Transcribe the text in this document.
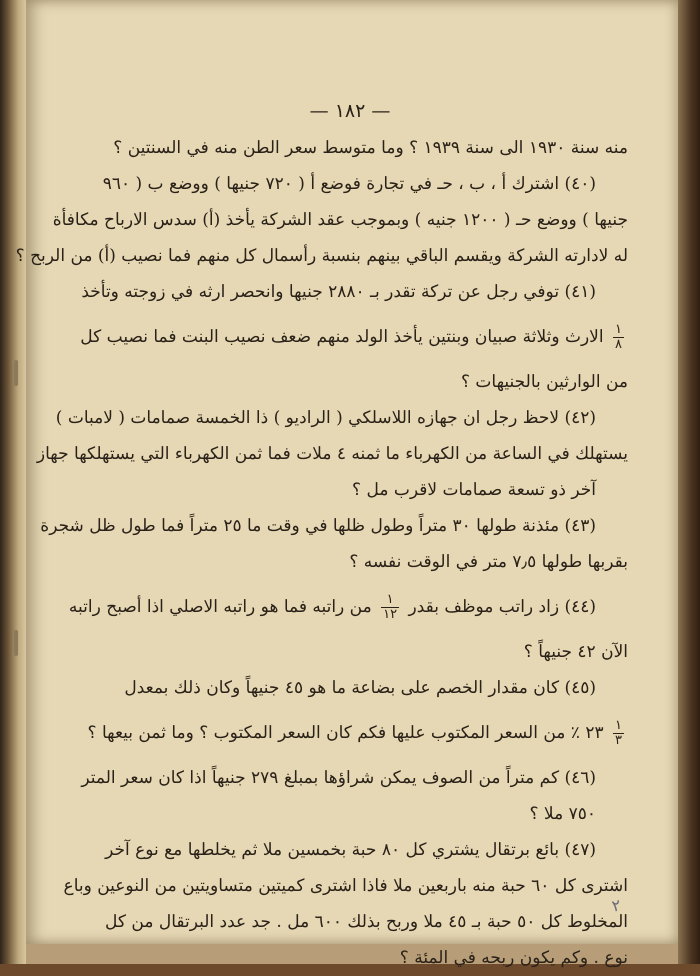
— ١٨٢ —
منه سنة ١٩٣٠ الى سنة ١٩٣٩ ؟ وما متوسط سعر الطن منه في السنتين ؟
(٤٠) اشترك أ ، ب ، حـ في تجارة فوضع أ ( ٧٢٠ جنيها ) ووضع ب ( ٩٦٠
جنيها ) ووضع حـ ( ١٢٠٠ جنيه ) وبموجب عقد الشركة يأخذ (أ) سدس الارباح مكافأة
له لادارته الشركة ويقسم الباقي بينهم بنسبة رأسمال كل منهم فما نصيب (أ) من الربح ؟
(٤١) توفي رجل عن تركة تقدر بـ ٢٨٨٠ جنيها وانحصر ارثه في زوجته وتأخذ
$\frac{١}{٨}$
الارث وثلاثة صبيان وبنتين يأخذ الولد منهم ضعف نصيب البنت فما نصيب كل
من الوارثين بالجنيهات ؟
(٤٢) لاحظ رجل ان جهازه اللاسلكي ( الراديو ) ذا الخمسة صمامات ( لامبات )
يستهلك في الساعة من الكهرباء ما ثمنه ٤ ملات فما ثمن الكهرباء التي يستهلكها جهاز
آخر ذو تسعة صمامات لاقرب مل ؟
(٤٣) مئذنة طولها ٣٠ متراً وطول ظلها في وقت ما ٢٥ متراً فما طول ظل شجرة
بقربها طولها ٧٫٥ متر في الوقت نفسه ؟
(٤٤) زاد راتب موظف بقدر
$\frac{١}{١٢}$
من راتبه فما هو راتبه الاصلي اذا أصبح راتبه
الآن ٤٢ جنيهاً ؟
(٤٥) كان مقدار الخصم على بضاعة ما هو ٤٥ جنيهاً وكان ذلك بمعدل
$\frac{١}{٣}$
٢٣ ٪ من السعر المكتوب عليها فكم كان السعر المكتوب ؟ وما ثمن بيعها ؟
(٤٦) كم متراً من الصوف يمكن شراؤها بمبلغ ٢٧٩ جنيهاً اذا كان سعر المتر
٧٥٠ ملا ؟
(٤٧) بائع برتقال يشتري كل ٨٠ حبة بخمسين ملا ثم يخلطها مع نوع آخر
اشترى كل ٦٠ حبة منه باربعين ملا فاذا اشترى كميتين متساويتين من النوعين وباع
المخلوط كل ٥٠ حبة بـ ٤٥ ملا وربح بذلك ٦٠٠ مل . جد عدد البرتقال من كل
نوع . وكم يكون ربحه في المئة ؟
٢
